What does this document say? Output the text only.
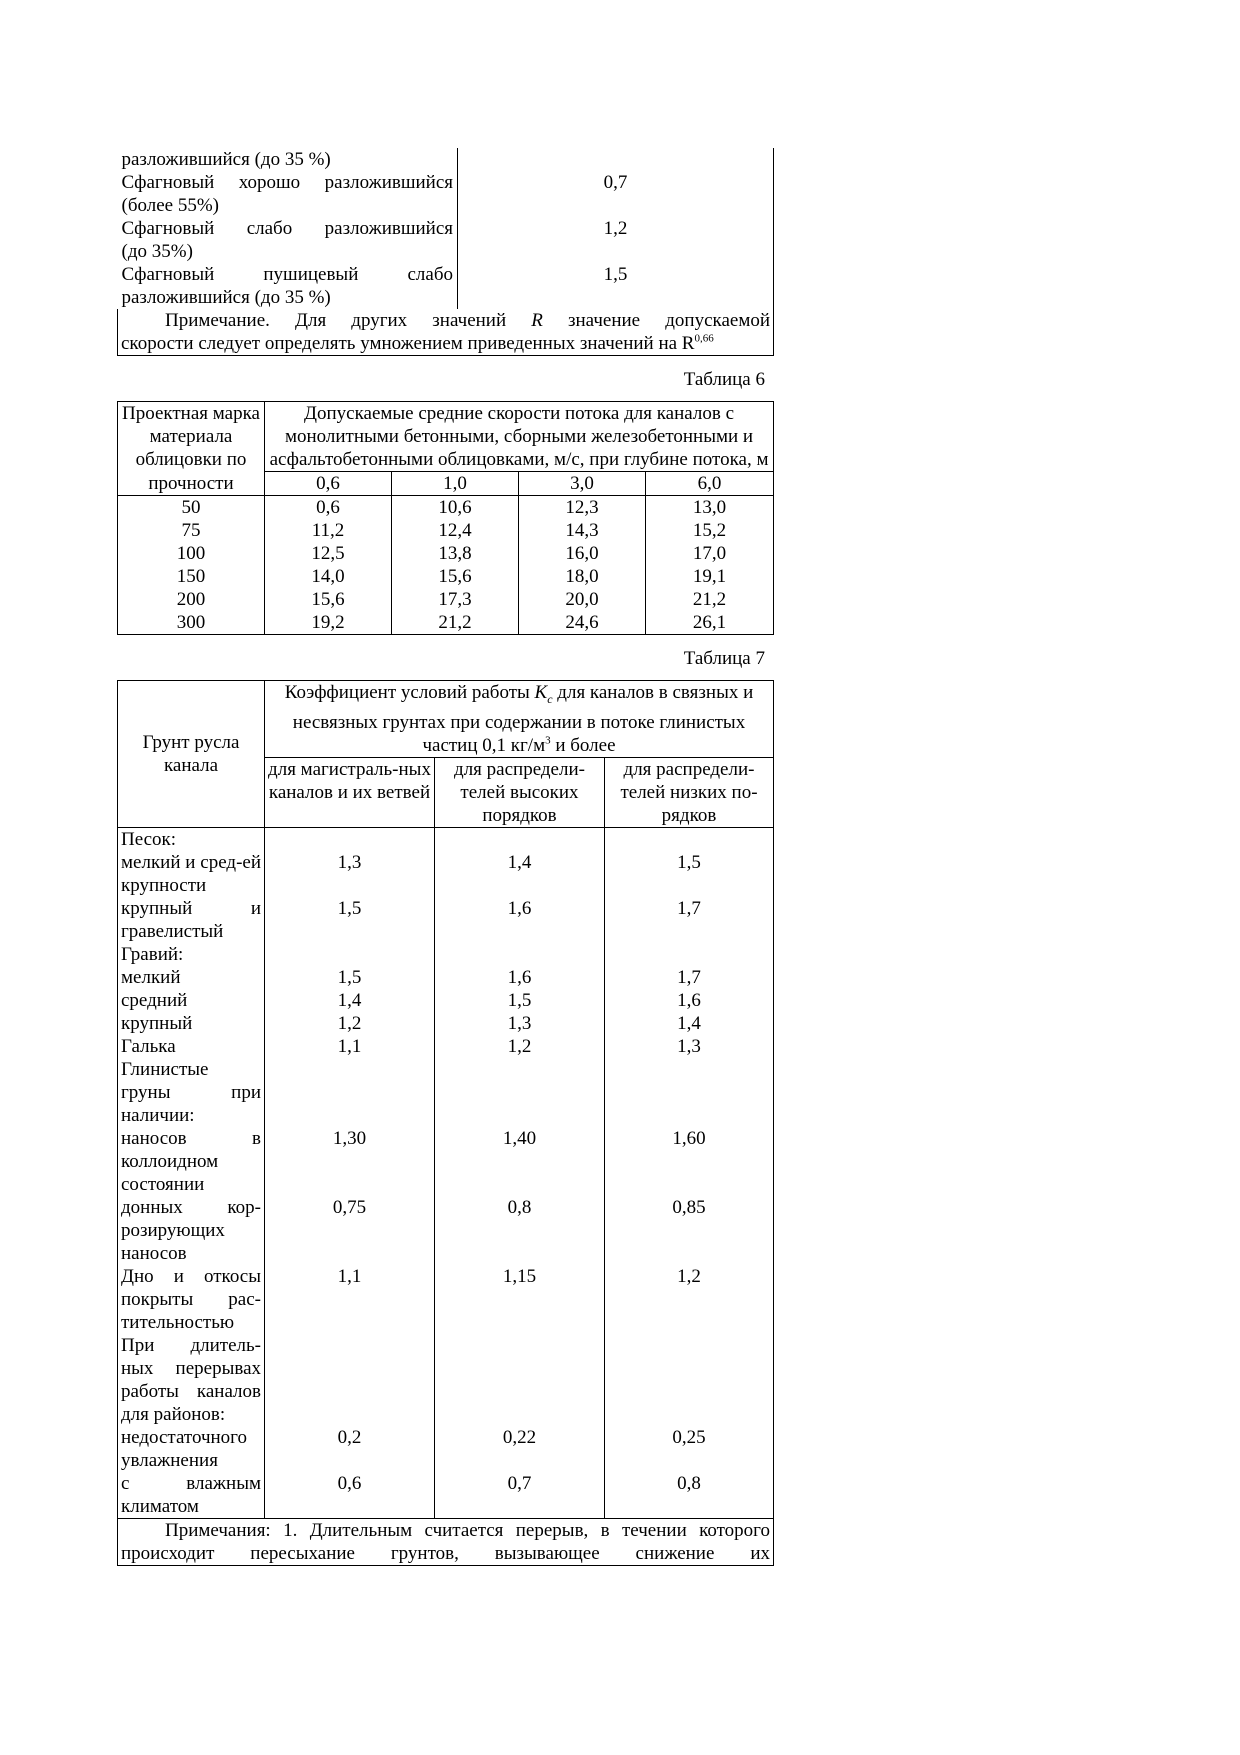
разложившийся (до 35 %)	

Сфагновый хорошо разложившийся
(более 55%)	0,7

Сфагновый слабо разложившийся
(до 35%)	1,2

Сфагновый пушицевый слабо
разложившийся (до 35 %)	1,5

Примечание. Для других значений R значение допускаемой
скорости следует определять умножением приведенных значений на R$^{0,66}$
Таблица 6
Проектная марка материала облицовки по	Допускаемые средние скорости потока для каналов с монолитными бетонными, сборными железобетонными и асфальтобетонными облицовками, м/с, при глубине потока, м			
прочности	0,6	1,0	3,0	6,0
50	0,6	10,6	12,3	13,0
75	11,2	12,4	14,3	15,2
100	12,5	13,8	16,0	17,0
150	14,0	15,6	18,0	19,1
200	15,6	17,3	20,0	21,2
300	19,2	21,2	24,6	26,1
Таблица 7
Грунт русла канала	Коэффициент условий работы $K_c$ для каналов в связных и несвязных грунтах при содержании в потоке глинистых частиц 0,1 $кг/м^3$ и более		
	для магистраль-ных каналов и их ветвей	для распредели-телей высоких порядков	для распредели-телей низких по-рядков
Песок:			
мелкий и сред-ей крупности	1,3	1,4	1,5
крупный и гравелистый	1,5	1,6	1,7
Гравий:			
мелкий	1,5	1,6	1,7
средний	1,4	1,5	1,6
крупный	1,2	1,3	1,4
Галька	1,1	1,2	1,3
Глинистые груны при наличии:			
наносов в коллоидном состоянии	1,30	1,40	1,60
донных кор-розирующих наносов	0,75	0,8	0,85
Дно и откосы покрыты рас-тительностью	1,1	1,15	1,2
При длитель-ных перерывах работы каналов для районов:			
недостаточного увлажнения	0,2	0,22	0,25
с влажным климатом	0,6	0,7	0,8

Примечания: 1. Длительным считается перерыв, в течении которого
происходит пересыхание грунтов, вызывающее снижение их			
